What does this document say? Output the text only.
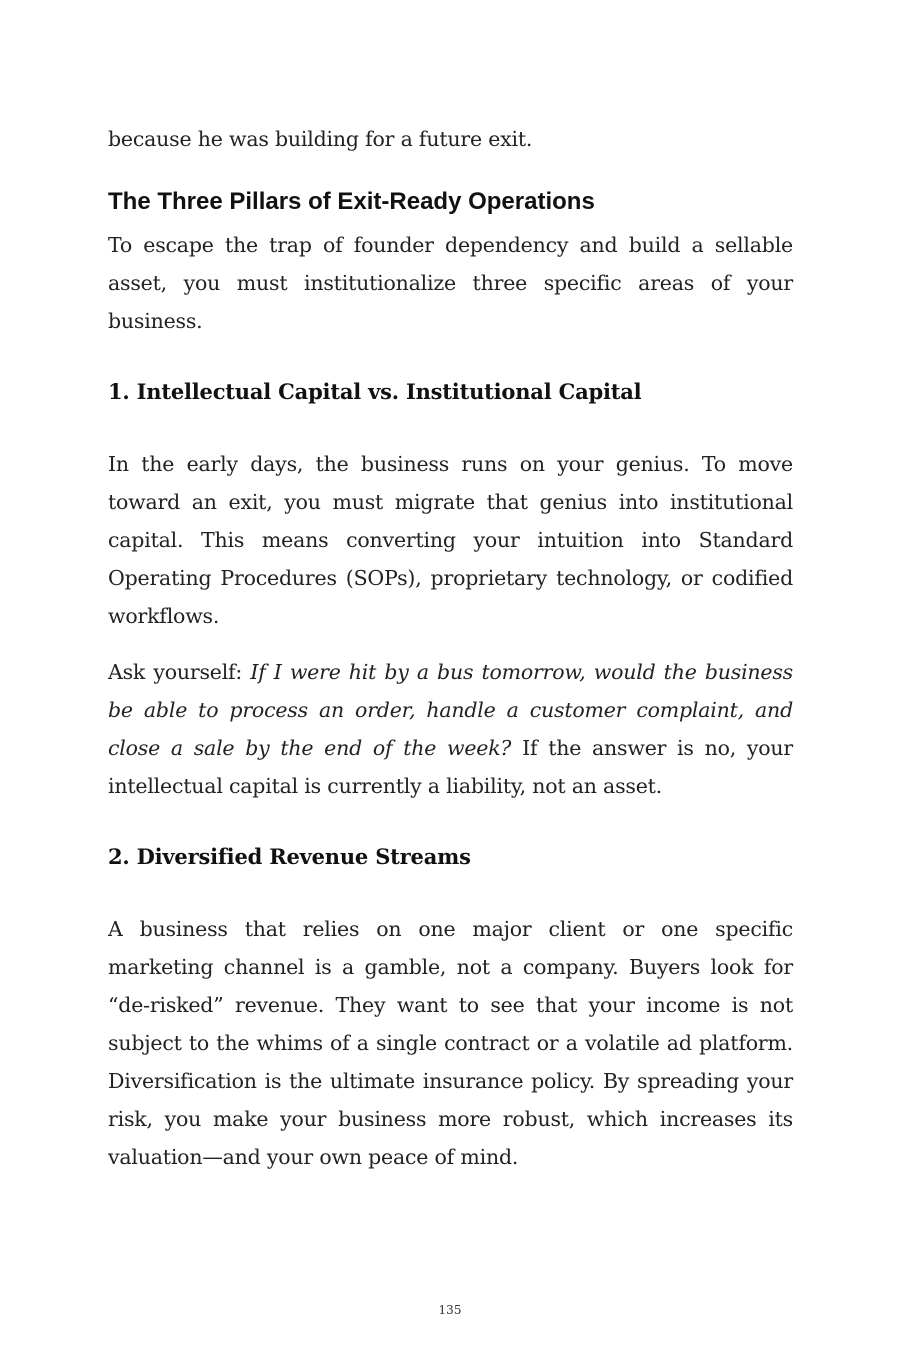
because he was building for a future exit.

The Three Pillars of Exit-Ready Operations

To escape the trap of founder dependency and build a sellable asset, you must institutionalize three specific areas of your business.

1. Intellectual Capital vs. Institutional Capital

In the early days, the business runs on your genius. To move toward an exit, you must migrate that genius into institutional capital. This means converting your intuition into Standard Operating Procedures (SOPs), proprietary technology, or codified workflows.

Ask yourself: If I were hit by a bus tomorrow, would the business be able to process an order, handle a customer complaint, and close a sale by the end of the week? If the answer is no, your intellectual capital is currently a liability, not an asset.

2. Diversified Revenue Streams

A business that relies on one major client or one specific marketing channel is a gamble, not a company. Buyers look for “de-risked” revenue. They want to see that your income is not subject to the whims of a single contract or a volatile ad platform. Diversification is the ultimate insurance policy. By spreading your risk, you make your business more robust, which increases its valuation—and your own peace of mind.

135
